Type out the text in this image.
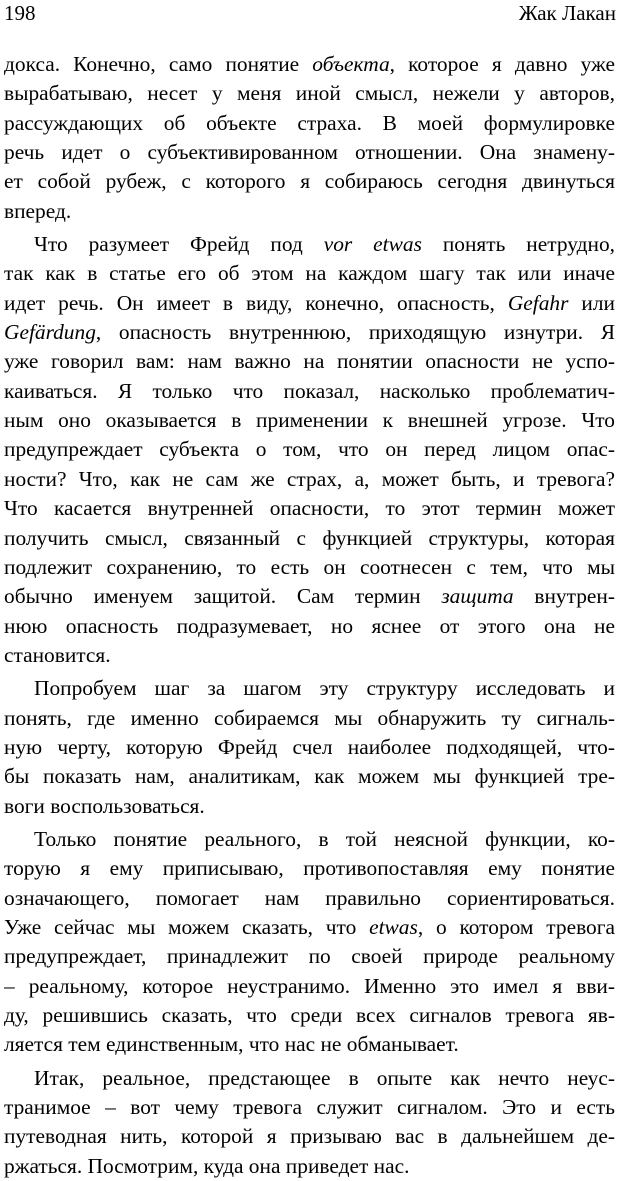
198	Жак Лакан
докса. Конечно, само понятие объекта, которое я давно уже
вырабатываю, несет у меня иной смысл, нежели у авторов,
рассуждающих об объекте страха. В моей формулировке
речь идет о субъективированном отношении. Она знамену-
ет собой рубеж, с которого я собираюсь сегодня двинуться
вперед.
Что разумеет Фрейд под vor etwas понять нетрудно,
так как в статье его об этом на каждом шагу так или иначе
идет речь. Он имеет в виду, конечно, опасность, Gefahr или
Gefärdung, опасность внутреннюю, приходящую изнутри. Я
уже говорил вам: нам важно на понятии опасности не успо-
каиваться. Я только что показал, насколько проблематич-
ным оно оказывается в применении к внешней угрозе. Что
предупреждает субъекта о том, что он перед лицом опас-
ности? Что, как не сам же страх, а, может быть, и тревога?
Что касается внутренней опасности, то этот термин может
получить смысл, связанный с функцией структуры, которая
подлежит сохранению, то есть он соотнесен с тем, что мы
обычно именуем защитой. Сам термин защита внутрен-
нюю опасность подразумевает, но яснее от этого она не
становится.
Попробуем шаг за шагом эту структуру исследовать и
понять, где именно собираемся мы обнаружить ту сигналь-
ную черту, которую Фрейд счел наиболее подходящей, что-
бы показать нам, аналитикам, как можем мы функцией тре-
воги воспользоваться.
Только понятие реального, в той неясной функции, ко-
торую я ему приписываю, противопоставляя ему понятие
означающего, помогает нам правильно сориентироваться.
Уже сейчас мы можем сказать, что etwas, о котором тревога
предупреждает, принадлежит по своей природе реальному
– реальному, которое неустранимо. Именно это имел я вви-
ду, решившись сказать, что среди всех сигналов тревога яв-
ляется тем единственным, что нас не обманывает.
Итак, реальное, предстающее в опыте как нечто неус-
транимое – вот чему тревога служит сигналом. Это и есть
путеводная нить, которой я призываю вас в дальнейшем де-
ржаться. Посмотрим, куда она приведет нас.
